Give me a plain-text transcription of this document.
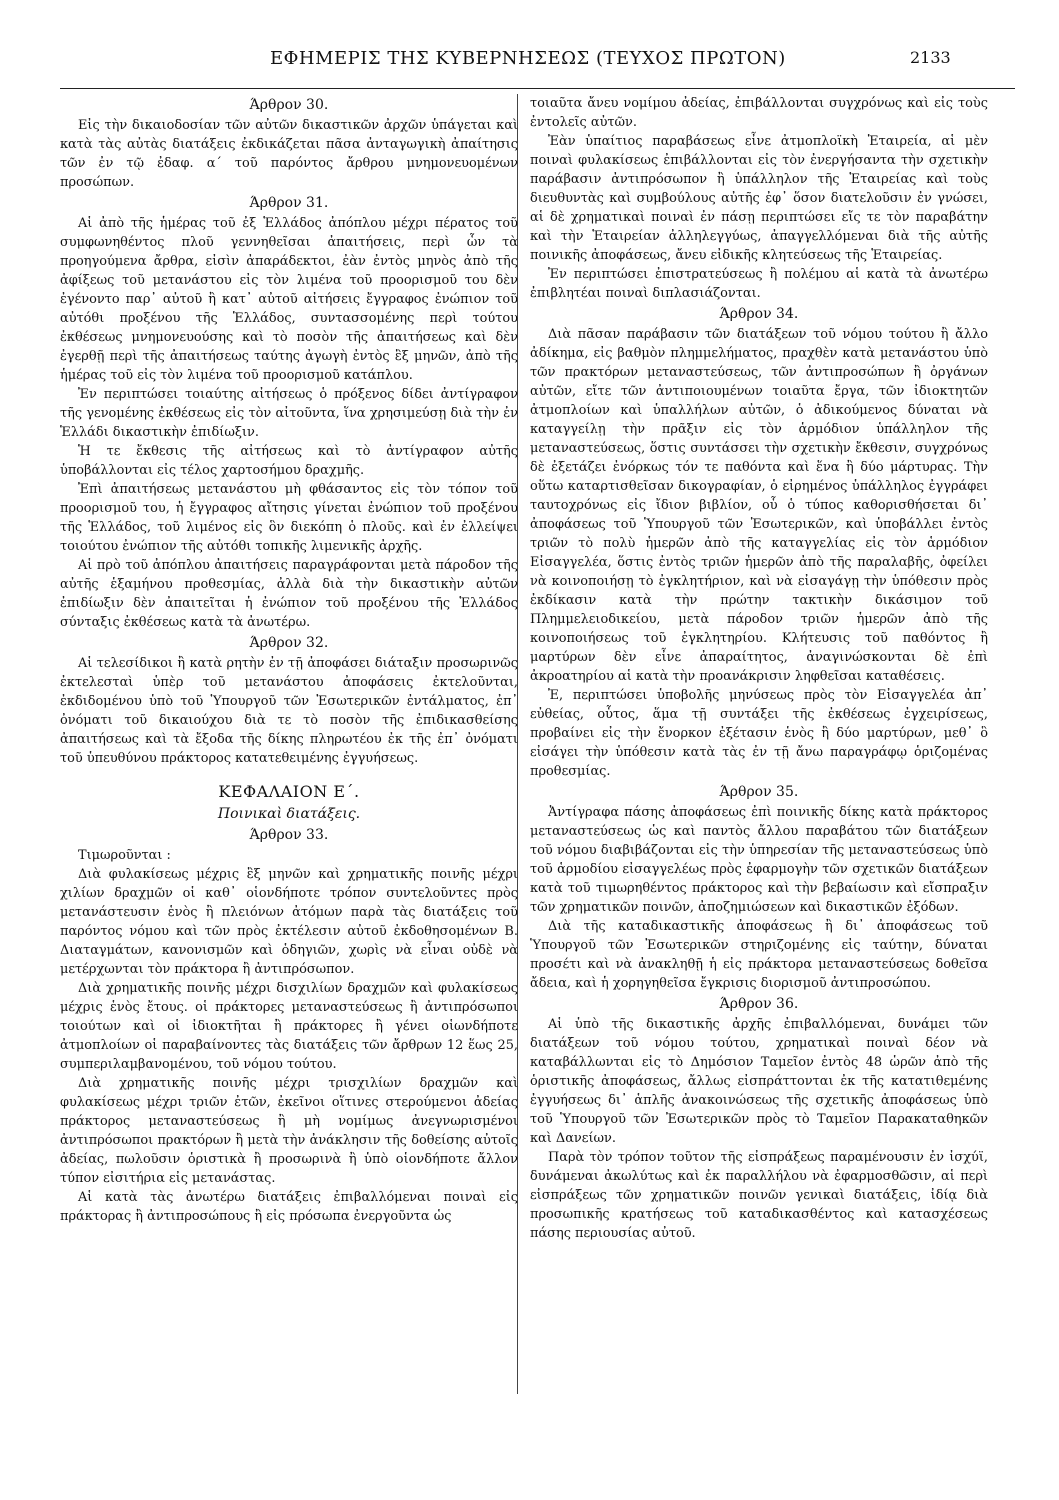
ΕΦΗΜΕΡΙΣ ΤΗΣ ΚΥΒΕΡΝΗΣΕΩΣ (ΤΕΥΧΟΣ ΠΡΩΤΟΝ)	2133

Άρθρον 30.

Εἰς τὴν δικαιοδοσίαν τῶν αὐτῶν δικαστικῶν ἀρχῶν ὑπάγεται καὶ κατὰ τὰς αὐτὰς διατάξεις ἐκδικάζεται πᾶσα ἀνταγωγικὴ ἀπαίτησις τῶν ἐν τῷ ἐδαφ. α΄ τοῦ παρόντος ἄρθρου μνημονευομένων προσώπων.

Άρθρον 31.

Αἱ ἀπὸ τῆς ἡμέρας τοῦ ἐξ Ἑλλάδος ἀπόπλου μέχρι πέρατος τοῦ συμφωνηθέντος πλοῦ γεννηθεῖσαι ἀπαιτήσεις, περὶ ὧν τὰ προηγούμενα ἄρθρα, εἰσὶν ἀπαράδεκτοι, ἐὰν ἐντὸς μηνὸς ἀπὸ τῆς ἀφίξεως τοῦ μετανάστου εἰς τὸν λιμένα τοῦ προορισμοῦ του δὲν ἐγένοντο παρ᾽ αὐτοῦ ἢ κατ᾽ αὐτοῦ αἰτήσεις ἔγγραφος ἐνώπιον τοῦ αὐτόθι προξένου τῆς Ἑλλάδος, συντασσομένης περὶ τούτου ἐκθέσεως μνημονευούσης καὶ τὸ ποσὸν τῆς ἀπαιτήσεως καὶ δὲν ἐγερθῇ περὶ τῆς ἀπαιτήσεως ταύτης ἀγωγὴ ἐντὸς ἓξ μηνῶν, ἀπὸ τῆς ἡμέρας τοῦ εἰς τὸν λιμένα τοῦ προορισμοῦ κατάπλου.

Ἐν περιπτώσει τοιαύτης αἰτήσεως ὁ πρόξενος δίδει ἀντίγραφον τῆς γενομένης ἐκθέσεως εἰς τὸν αἰτοῦντα, ἵνα χρησιμεύσῃ διὰ τὴν ἐν Ἑλλάδι δικαστικὴν ἐπιδίωξιν.

Ἡ τε ἔκθεσις τῆς αἰτήσεως καὶ τὸ ἀντίγραφον αὐτῆς ὑποβάλλονται εἰς τέλος χαρτοσήμου δραχμῆς.

Ἐπὶ ἀπαιτήσεως μετανάστου μὴ φθάσαντος εἰς τὸν τόπον τοῦ προορισμοῦ του, ἡ ἔγγραφος αἴτησις γίνεται ἐνώπιον τοῦ προξένου τῆς Ἑλλάδος, τοῦ λιμένος εἰς ὃν διεκόπη ὁ πλοῦς. καὶ ἐν ἐλλείψει τοιούτου ἐνώπιον τῆς αὐτόθι τοπικῆς λιμενικῆς ἀρχῆς.

Αἱ πρὸ τοῦ ἀπόπλου ἀπαιτήσεις παραγράφονται μετὰ πάροδον τῆς αὐτῆς ἑξαμήνου προθεσμίας, ἀλλὰ διὰ τὴν δικαστικὴν αὐτῶν ἐπιδίωξιν δὲν ἀπαιτεῖται ἡ ἐνώπιον τοῦ προξένου τῆς Ἑλλάδος σύνταξις ἐκθέσεως κατὰ τὰ ἀνωτέρω.

Άρθρον 32.

Αἱ τελεσίδικοι ἢ κατὰ ρητὴν ἐν τῇ ἀποφάσει διάταξιν προσωρινῶς ἐκτελεσταὶ ὑπὲρ τοῦ μετανάστου ἀποφάσεις ἐκτελοῦνται, ἐκδιδομένου ὑπὸ τοῦ Ὑπουργοῦ τῶν Ἐσωτερικῶν ἐντάλματος, ἐπ᾽ ὀνόματι τοῦ δικαιούχου διὰ τε τὸ ποσὸν τῆς ἐπιδικασθείσης ἀπαιτήσεως καὶ τὰ ἔξοδα τῆς δίκης πληρωτέου ἐκ τῆς ἐπ᾽ ὀνόματι τοῦ ὑπευθύνου πράκτορος κατατεθειμένης ἐγγυήσεως.

ΚΕΦΑΛΑΙΟΝ Ε΄.

Ποινικαὶ διατάξεις.

Άρθρον 33.

Τιμωροῦνται :

Διὰ φυλακίσεως μέχρις ἓξ μηνῶν καὶ χρηματικῆς ποινῆς μέχρι χιλίων δραχμῶν οἱ καθ᾽ οἱονδήποτε τρόπον συντελοῦντες πρὸς μετανάστευσιν ἑνὸς ἢ πλειόνων ἀτόμων παρὰ τὰς διατάξεις τοῦ παρόντος νόμου καὶ τῶν πρὸς ἐκτέλεσιν αὐτοῦ ἐκδοθησομένων Β. Διαταγμάτων, κανονισμῶν καὶ ὁδηγιῶν, χωρὶς νὰ εἶναι οὐδὲ νὰ μετέρχωνται τὸν πράκτορα ἢ ἀντιπρόσωπον.

Διὰ χρηματικῆς ποινῆς μέχρι δισχιλίων δραχμῶν καὶ φυλακίσεως μέχρις ἑνὸς ἔτους. οἱ πράκτορες μεταναστεύσεως ἢ ἀντιπρόσωποι τοιούτων καὶ οἱ ἰδιοκτῆται ἢ πράκτορες ἢ γένει οἱωνδήποτε ἀτμοπλοίων οἱ παραβαίνοντες τὰς διατάξεις τῶν ἄρθρων 12 ἕως 25, συμπεριλαμβανομένου, τοῦ νόμου τούτου.

Διὰ χρηματικῆς ποινῆς μέχρι τρισχιλίων δραχμῶν καὶ φυλακίσεως μέχρι τριῶν ἐτῶν, ἐκεῖνοι οἵτινες στερούμενοι ἀδείας πράκτορος μεταναστεύσεως ἢ μὴ νομίμως ἀνεγνωρισμένοι ἀντιπρόσωποι πρακτόρων ἢ μετὰ τὴν ἀνάκλησιν τῆς δοθείσης αὐτοῖς ἀδείας, πωλοῦσιν ὁριστικὰ ἢ προσωρινὰ ἢ ὑπὸ οἱονδήποτε ἄλλον τύπον εἰσιτήρια εἰς μετανάστας.

Αἱ κατὰ τὰς ἀνωτέρω διατάξεις ἐπιβαλλόμεναι ποιναὶ εἰς πράκτορας ἢ ἀντιπροσώπους ἢ εἰς πρόσωπα ἐνεργοῦντα ὡς

τοιαῦτα ἄνευ νομίμου ἀδείας, ἐπιβάλλονται συγχρόνως καὶ εἰς τοὺς ἐντολεῖς αὐτῶν.

Ἐὰν ὑπαίτιος παραβάσεως εἶνε ἀτμοπλοϊκὴ Ἑταιρεία, αἱ μὲν ποιναὶ φυλακίσεως ἐπιβάλλονται εἰς τὸν ἐνεργήσαντα τὴν σχετικὴν παράβασιν ἀντιπρόσωπον ἢ ὑπάλληλον τῆς Ἑταιρείας καὶ τοὺς διευθυντὰς καὶ συμβούλους αὐτῆς ἐφ᾽ ὅσον διατελοῦσιν ἐν γνώσει, αἱ δὲ χρηματικαὶ ποιναὶ ἐν πάσῃ περιπτώσει εἴς τε τὸν παραβάτην καὶ τὴν Ἑταιρείαν ἀλληλεγγύως, ἀπαγγελλόμεναι διὰ τῆς αὐτῆς ποινικῆς ἀποφάσεως, ἄνευ εἰδικῆς κλητεύσεως τῆς Ἑταιρείας.

Ἐν περιπτώσει ἐπιστρατεύσεως ἢ πολέμου αἱ κατὰ τὰ ἀνωτέρω ἐπιβλητέαι ποιναὶ διπλασιάζονται.

Άρθρον 34.

Διὰ πᾶσαν παράβασιν τῶν διατάξεων τοῦ νόμου τούτου ἢ ἄλλο ἀδίκημα, εἰς βαθμὸν πλημμελήματος, πραχθὲν κατὰ μετανάστου ὑπὸ τῶν πρακτόρων μεταναστεύσεως, τῶν ἀντιπροσώπων ἢ ὀργάνων αὐτῶν, εἴτε τῶν ἀντιποιουμένων τοιαῦτα ἔργα, τῶν ἰδιοκτητῶν ἀτμοπλοίων καὶ ὑπαλλήλων αὐτῶν, ὁ ἀδικούμενος δύναται νὰ καταγγείλῃ τὴν πρᾶξιν εἰς τὸν ἁρμόδιον ὑπάλληλον τῆς μεταναστεύσεως, ὅστις συντάσσει τὴν σχετικὴν ἔκθεσιν, συγχρόνως δὲ ἐξετάζει ἐνόρκως τόν τε παθόντα καὶ ἕνα ἢ δύο μάρτυρας. Τὴν οὕτω καταρτισθεῖσαν δικογραφίαν, ὁ εἰρημένος ὑπάλληλος ἐγγράφει ταυτοχρόνως εἰς ἴδιον βιβλίον, οὗ ὁ τύπος καθορισθήσεται δι᾽ ἀποφάσεως τοῦ Ὑπουργοῦ τῶν Ἐσωτερικῶν, καὶ ὑποβάλλει ἐντὸς τριῶν τὸ πολὺ ἡμερῶν ἀπὸ τῆς καταγγελίας εἰς τὸν ἁρμόδιον Εἰσαγγελέα, ὅστις ἐντὸς τριῶν ἡμερῶν ἀπὸ τῆς παραλαβῆς, ὀφείλει νὰ κοινοποιήσῃ τὸ ἐγκλητήριον, καὶ νὰ εἰσαγάγῃ τὴν ὑπόθεσιν πρὸς ἐκδίκασιν κατὰ τὴν πρώτην τακτικὴν δικάσιμον τοῦ Πλημμελειοδικείου, μετὰ πάροδον τριῶν ἡμερῶν ἀπὸ τῆς κοινοποιήσεως τοῦ ἐγκλητηρίου. Κλήτευσις τοῦ παθόντος ἢ μαρτύρων δὲν εἶνε ἀπαραίτητος, ἀναγινώσκονται δὲ ἐπὶ ἀκροατηρίου αἱ κατὰ τὴν προανάκρισιν ληφθεῖσαι καταθέσεις.

Ἐ, περιπτώσει ὑποβολῆς μηνύσεως πρὸς τὸν Εἰσαγγελέα ἀπ᾽ εὐθείας, οὗτος, ἅμα τῇ συντάξει τῆς ἐκθέσεως ἐγχειρίσεως, προβαίνει εἰς τὴν ἔνορκον ἐξέτασιν ἑνὸς ἢ δύο μαρτύρων, μεθ᾽ ὃ εἰσάγει τὴν ὑπόθεσιν κατὰ τὰς ἐν τῇ ἄνω παραγράφῳ ὁριζομένας προθεσμίας.

Άρθρον 35.

Ἀντίγραφα πάσης ἀποφάσεως ἐπὶ ποινικῆς δίκης κατὰ πράκτορος μεταναστεύσεως ὡς καὶ παντὸς ἄλλου παραβάτου τῶν διατάξεων τοῦ νόμου διαβιβάζονται εἰς τὴν ὑπηρεσίαν τῆς μεταναστεύσεως ὑπὸ τοῦ ἁρμοδίου εἰσαγγελέως πρὸς ἐφαρμογὴν τῶν σχετικῶν διατάξεων κατὰ τοῦ τιμωρηθέντος πράκτορος καὶ τὴν βεβαίωσιν καὶ εἴσπραξιν τῶν χρηματικῶν ποινῶν, ἀποζημιώσεων καὶ δικαστικῶν ἐξόδων.

Διὰ τῆς καταδικαστικῆς ἀποφάσεως ἢ δι᾽ ἀποφάσεως τοῦ Ὑπουργοῦ τῶν Ἐσωτερικῶν στηριζομένης εἰς ταύτην, δύναται προσέτι καὶ νὰ ἀνακληθῇ ἡ εἰς πράκτορα μεταναστεύσεως δοθεῖσα ἄδεια, καὶ ἡ χορηγηθεῖσα ἔγκρισις διορισμοῦ ἀντιπροσώπου.

Άρθρον 36.

Αἱ ὑπὸ τῆς δικαστικῆς ἀρχῆς ἐπιβαλλόμεναι, δυνάμει τῶν διατάξεων τοῦ νόμου τούτου, χρηματικαὶ ποιναὶ δέον νὰ καταβάλλωνται εἰς τὸ Δημόσιον Ταμεῖον ἐντὸς 48 ὡρῶν ἀπὸ τῆς ὁριστικῆς ἀποφάσεως, ἄλλως εἰσπράττονται ἐκ τῆς κατατιθεμένης ἐγγυήσεως δι᾽ ἁπλῆς ἀνακοινώσεως τῆς σχετικῆς ἀποφάσεως ὑπὸ τοῦ Ὑπουργοῦ τῶν Ἐσωτερικῶν πρὸς τὸ Ταμεῖον Παρακαταθηκῶν καὶ Δανείων.

Παρὰ τὸν τρόπον τοῦτον τῆς εἰσπράξεως παραμένουσιν ἐν ἰσχύϊ, δυνάμεναι ἀκωλύτως καὶ ἐκ παραλλήλου νὰ ἐφαρμοσθῶσιν, αἱ περὶ εἰσπράξεως τῶν χρηματικῶν ποινῶν γενικαὶ διατάξεις, ἰδίᾳ διὰ προσωπικῆς κρατήσεως τοῦ καταδικασθέντος καὶ κατασχέσεως πάσης περιουσίας αὐτοῦ.
